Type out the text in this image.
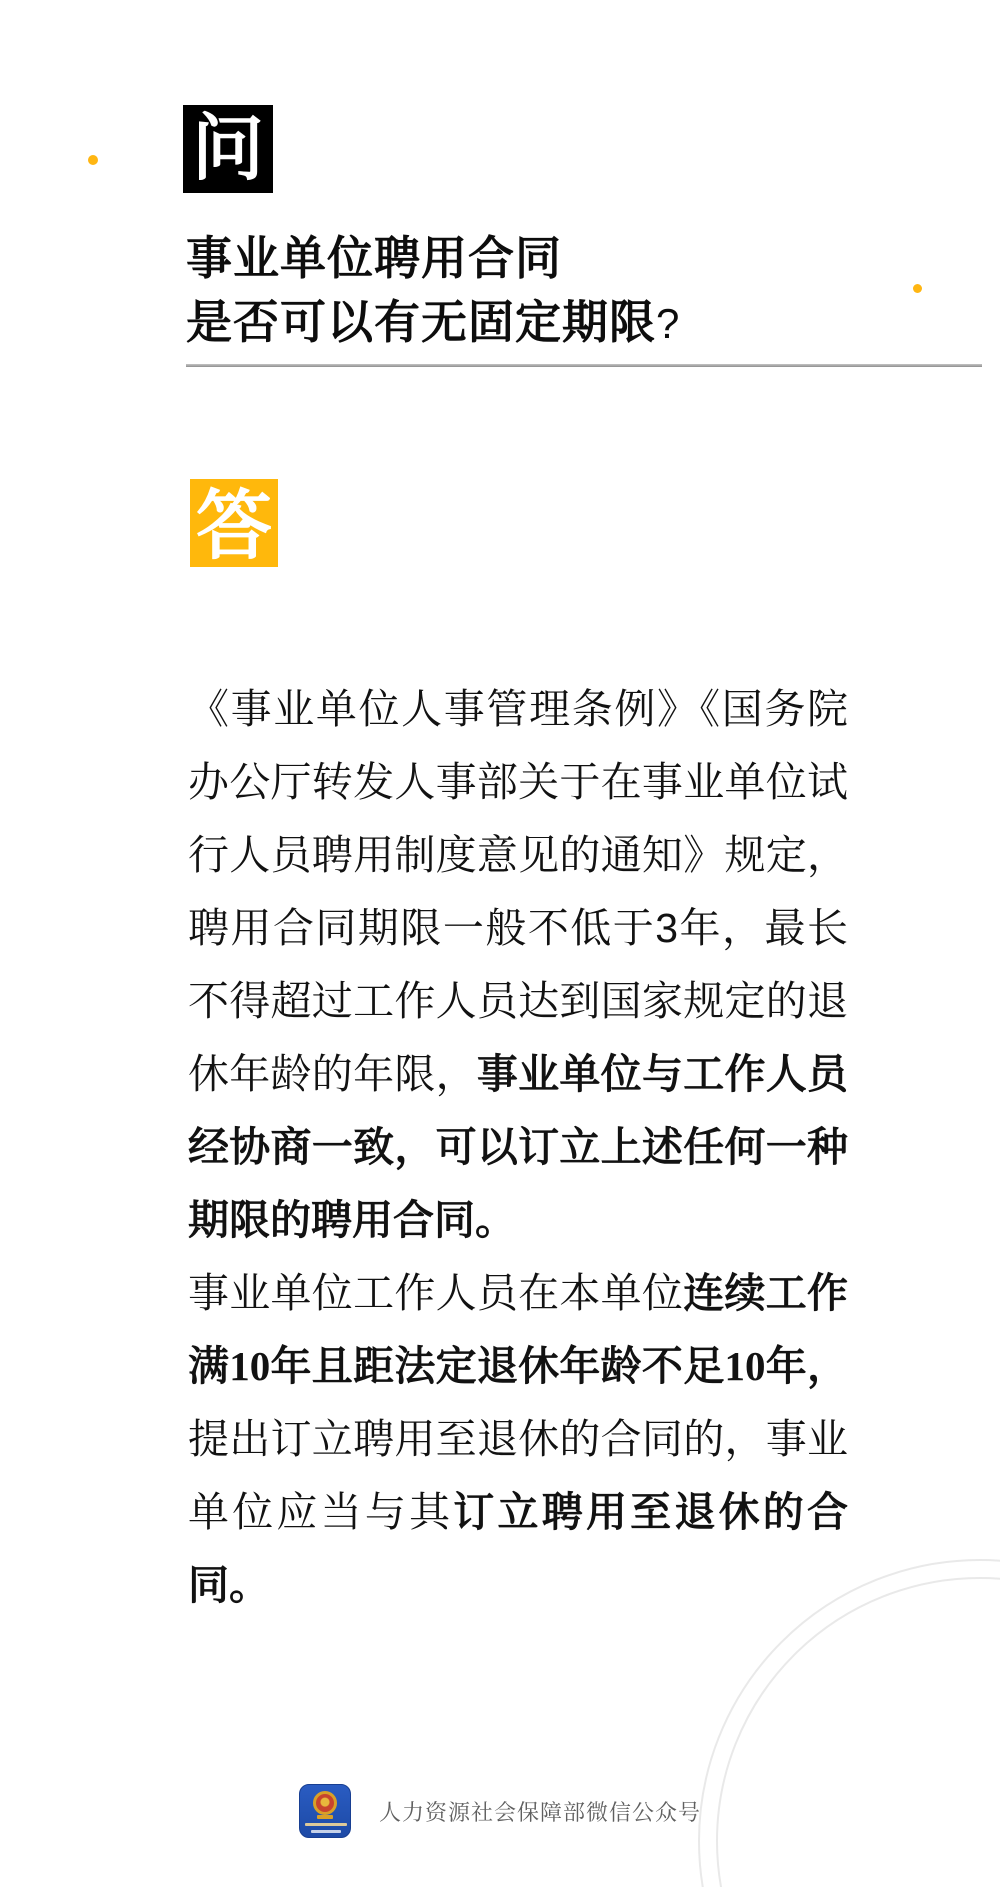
问
事业单位聘用合同
是否可以有无固定期限?
答

《事业单位人事管理条例》《国务院办公厅转发人事部关于在事业单位试行人员聘用制度意见的通知》规定，聘用合同期限一般不低于3年，最长不得超过工作人员达到国家规定的退休年龄的年限，事业单位与工作人员经协商一致，可以订立上述任何一种期限的聘用合同。

事业单位工作人员在本单位连续工作满10年且距法定退休年龄不足10年，提出订立聘用至退休的合同的，事业单位应当与其订立聘用至退休的合同。

人力资源社会保障部微信公众号
